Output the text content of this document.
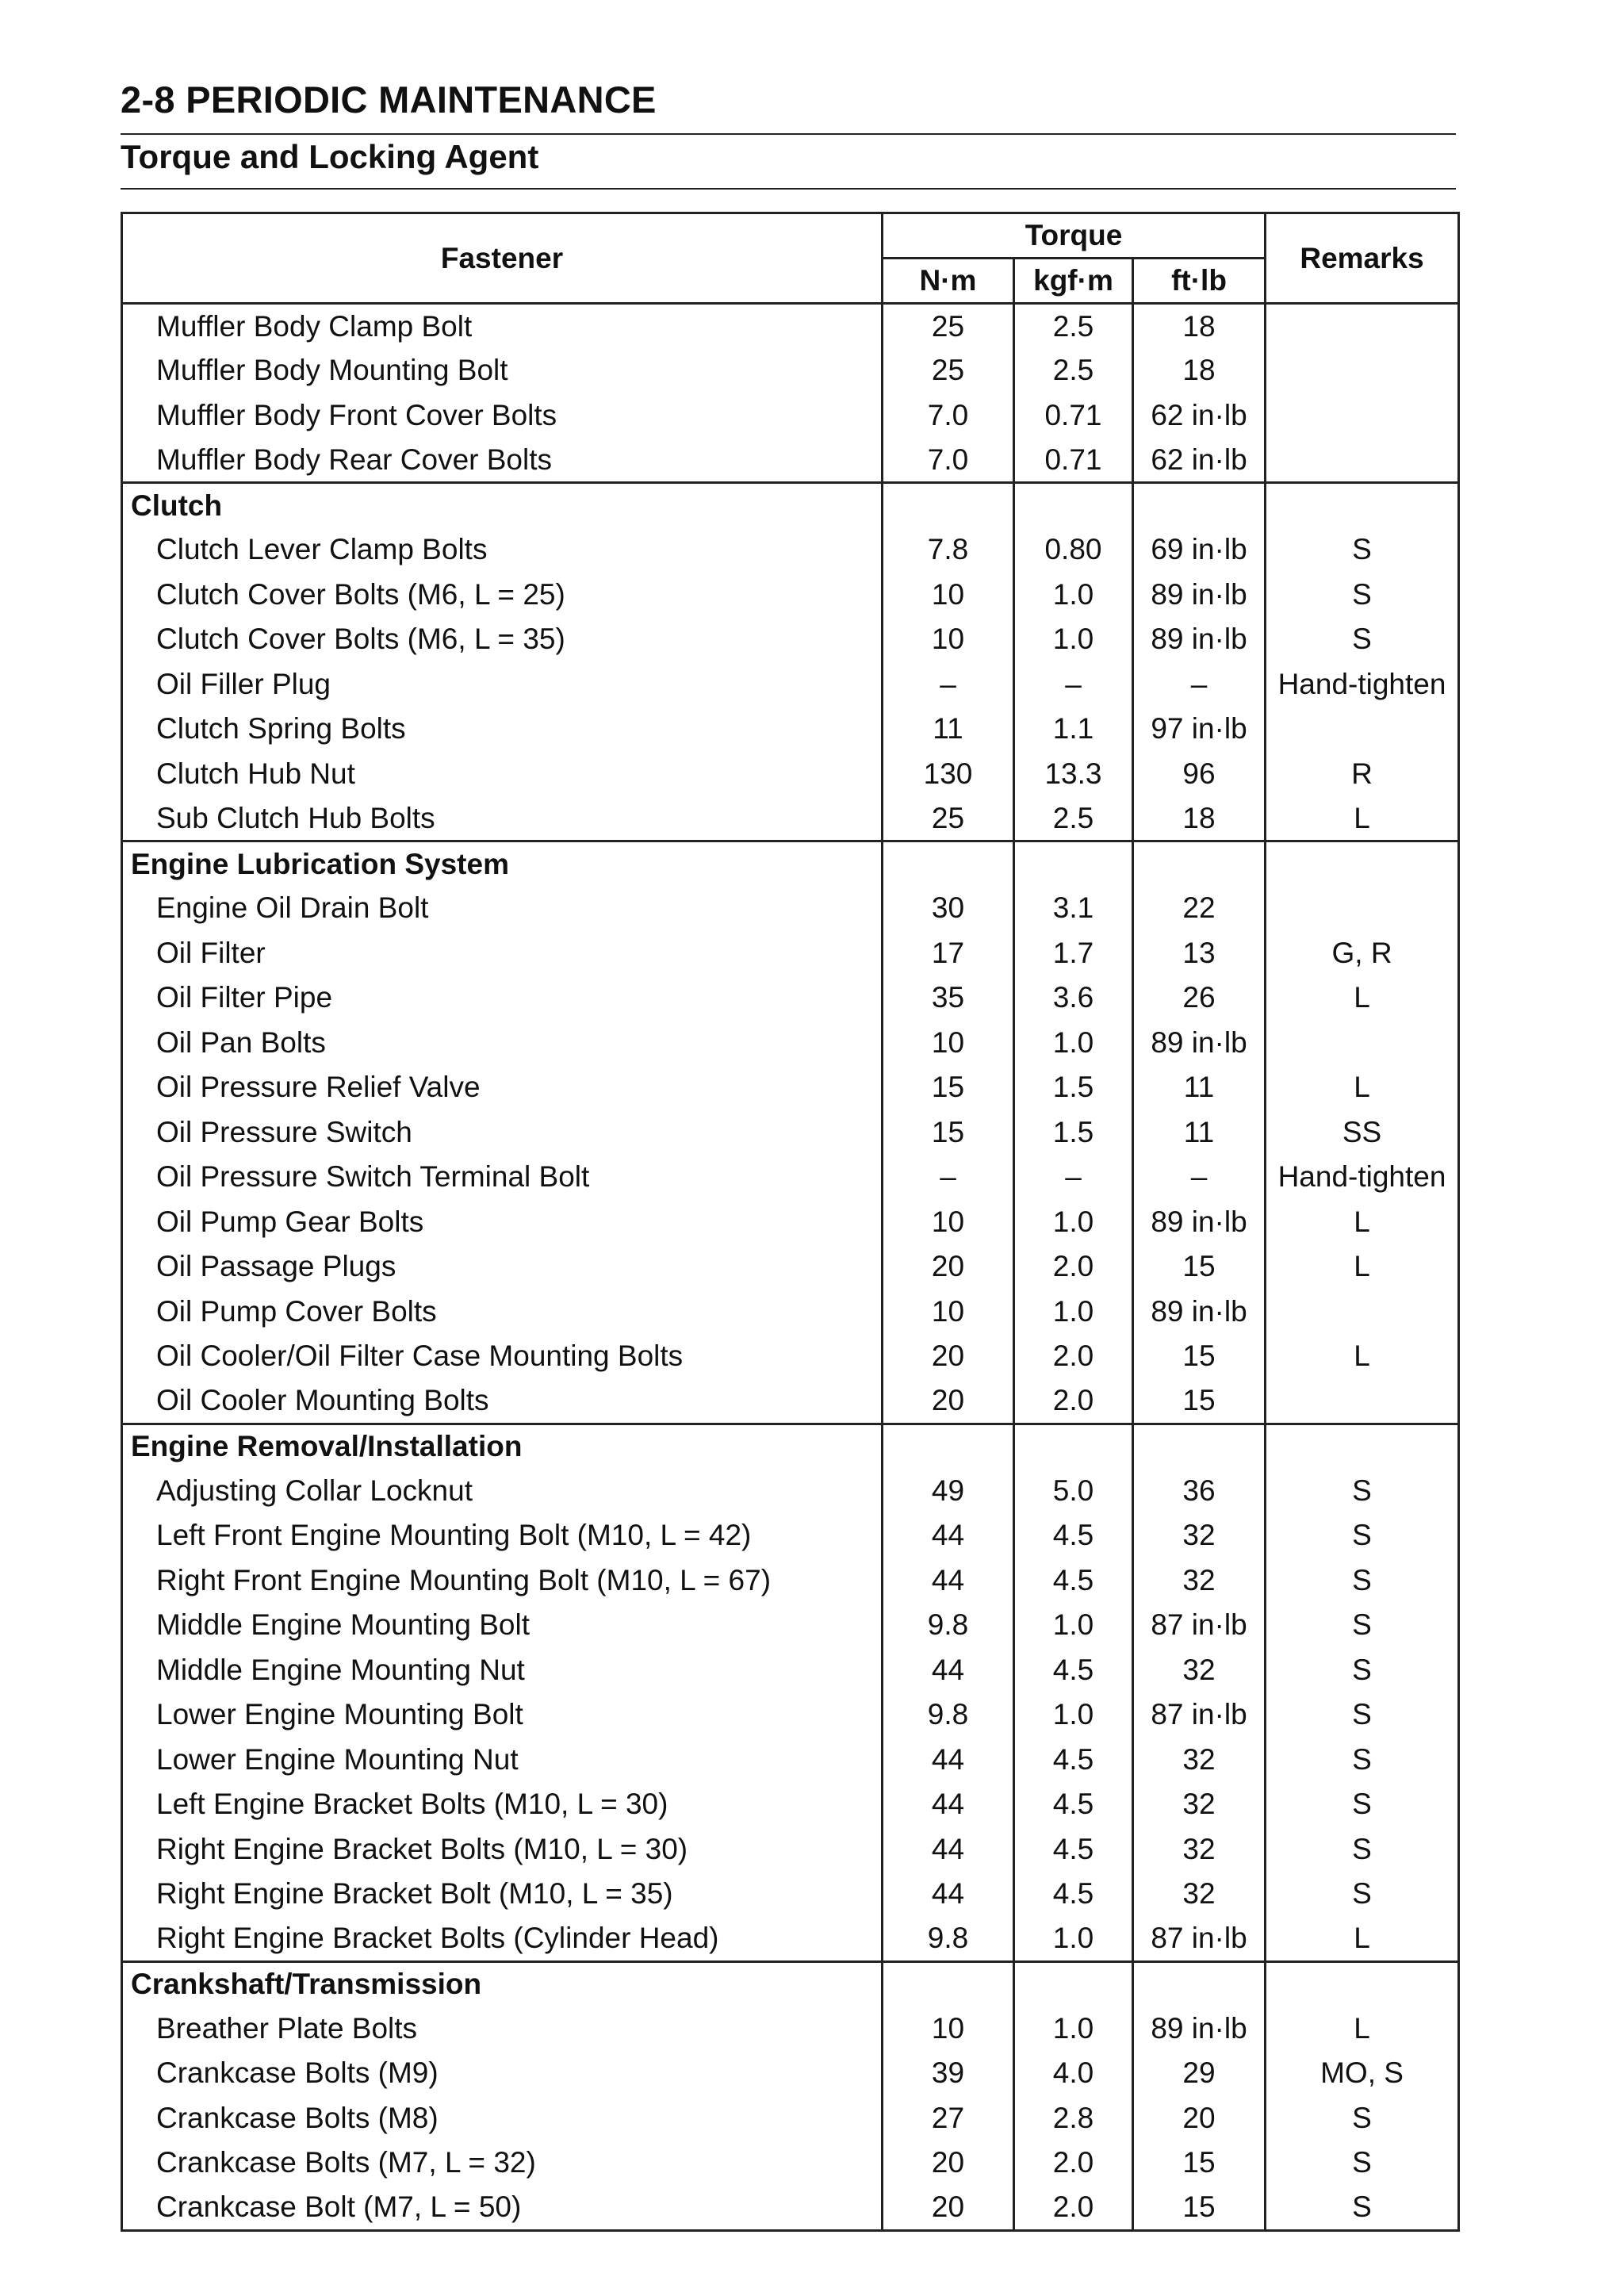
2-8 PERIODIC MAINTENANCE
Torque and Locking Agent
Fastener	Torque			Remarks
	N·m	kgf·m	ft·lb	
Muffler Body Clamp Bolt	25	2.5	18	
Muffler Body Mounting Bolt	25	2.5	18	
Muffler Body Front Cover Bolts	7.0	0.71	62 in·lb	
Muffler Body Rear Cover Bolts	7.0	0.71	62 in·lb	
Clutch				
Clutch Lever Clamp Bolts	7.8	0.80	69 in·lb	S
Clutch Cover Bolts (M6, L = 25)	10	1.0	89 in·lb	S
Clutch Cover Bolts (M6, L = 35)	10	1.0	89 in·lb	S
Oil Filler Plug	–	–	–	Hand-tighten
Clutch Spring Bolts	11	1.1	97 in·lb	
Clutch Hub Nut	130	13.3	96	R
Sub Clutch Hub Bolts	25	2.5	18	L
Engine Lubrication System				
Engine Oil Drain Bolt	30	3.1	22	
Oil Filter	17	1.7	13	G, R
Oil Filter Pipe	35	3.6	26	L
Oil Pan Bolts	10	1.0	89 in·lb	
Oil Pressure Relief Valve	15	1.5	11	L
Oil Pressure Switch	15	1.5	11	SS
Oil Pressure Switch Terminal Bolt	–	–	–	Hand-tighten
Oil Pump Gear Bolts	10	1.0	89 in·lb	L
Oil Passage Plugs	20	2.0	15	L
Oil Pump Cover Bolts	10	1.0	89 in·lb	
Oil Cooler/Oil Filter Case Mounting Bolts	20	2.0	15	L
Oil Cooler Mounting Bolts	20	2.0	15	
Engine Removal/Installation				
Adjusting Collar Locknut	49	5.0	36	S
Left Front Engine Mounting Bolt (M10, L = 42)	44	4.5	32	S
Right Front Engine Mounting Bolt (M10, L = 67)	44	4.5	32	S
Middle Engine Mounting Bolt	9.8	1.0	87 in·lb	S
Middle Engine Mounting Nut	44	4.5	32	S
Lower Engine Mounting Bolt	9.8	1.0	87 in·lb	S
Lower Engine Mounting Nut	44	4.5	32	S
Left Engine Bracket Bolts (M10, L = 30)	44	4.5	32	S
Right Engine Bracket Bolts (M10, L = 30)	44	4.5	32	S
Right Engine Bracket Bolt (M10, L = 35)	44	4.5	32	S
Right Engine Bracket Bolts (Cylinder Head)	9.8	1.0	87 in·lb	L
Crankshaft/Transmission				
Breather Plate Bolts	10	1.0	89 in·lb	L
Crankcase Bolts (M9)	39	4.0	29	MO, S
Crankcase Bolts (M8)	27	2.8	20	S
Crankcase Bolts (M7, L = 32)	20	2.0	15	S
Crankcase Bolt (M7, L = 50)	20	2.0	15	S
